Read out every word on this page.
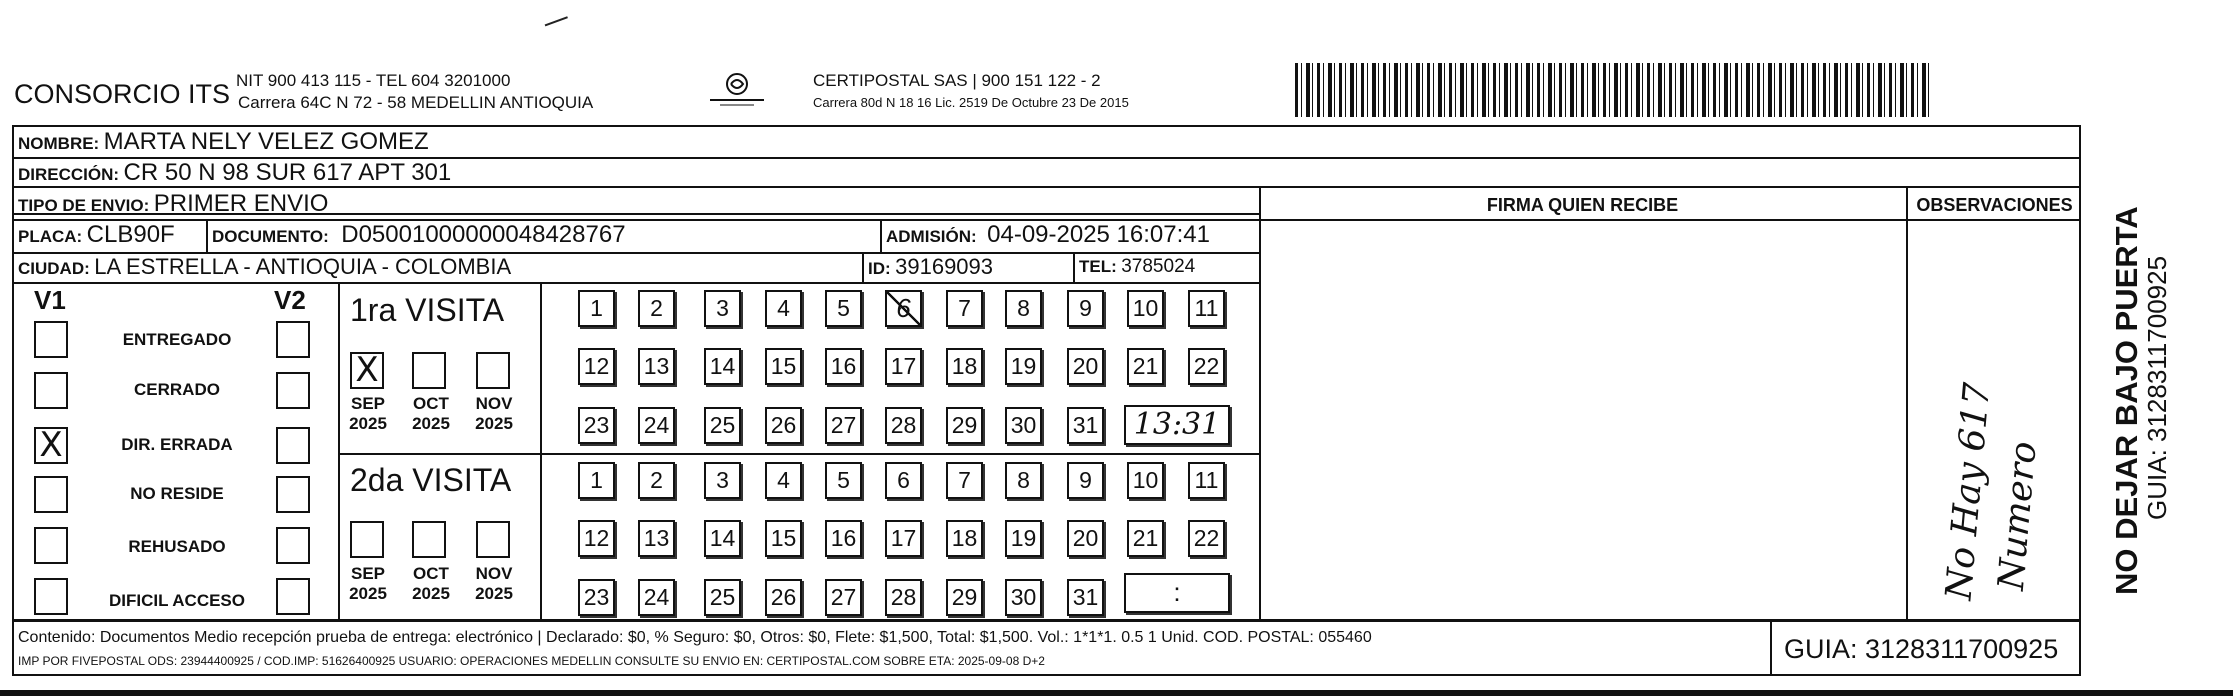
CONSORCIO ITS NIT 900 413 115 - TEL 604 3201000
Carrera 64C N 72 - 58 MEDELLIN ANTIOQUIA
CERTIPOSTAL SAS | 900 151 122 - 2
Carrera 80d N 18 16 Lic. 2519 De Octubre 23 De 2015
NOMBRE: MARTA NELY VELEZ GOMEZ
DIRECCIÓN: CR 50 N 98 SUR 617 APT 301
TIPO DE ENVIO: PRIMER ENVIO
PLACA: CLB90F DOCUMENTO: D05001000000048428767	ADMISIÓN: 04-09-2025 16:07:41
CIUDAD: LA ESTRELLA - ANTIOQUIA - COLOMBIA	ID: 39169093	TEL: 3785024
FIRMA QUIEN RECIBE	OBSERVACIONES
No Hay 617
Numero
V1	V2
ENTREGADO
CERRADO
X	DIR. ERRADA
NO RESIDE
REHUSADO
DIFICIL ACCESO
1ra VISITA
X
SEP
2025
OCT
2025
NOV
2025
1	2	3	4	5	6	7	8	9	10 11
12 13 14 15 16 17 18 19 20 21 22
23 24 25 26 27 28 29 30 31	13:31
2da VISITA
SEP
2025
OCT
2025
NOV
2025
1	2	3	4	5	6	7	8	9	10 11
12 13 14 15 16 17 18 19 20 21 22
23 24 25 26 27 28 29 30 31	:
Contenido: Documentos Medio recepción prueba de entrega: electrónico | Declarado: $0, % Seguro: $0, Otros: $0, Flete: $1,500, Total: $1,500. Vol.: 1*1*1. 0.5 1 Unid. COD. POSTAL: 055460
IMP POR FIVEPOSTAL ODS: 23944400925 / COD.IMP: 51626400925 USUARIO: OPERACIONES MEDELLIN CONSULTE SU ENVIO EN: CERTIPOSTAL.COM SOBRE ETA: 2025-09-08 D+2	GUIA: 3128311700925
NO DEJAR BAJO PUERTA
GUIA: 3128311700925
